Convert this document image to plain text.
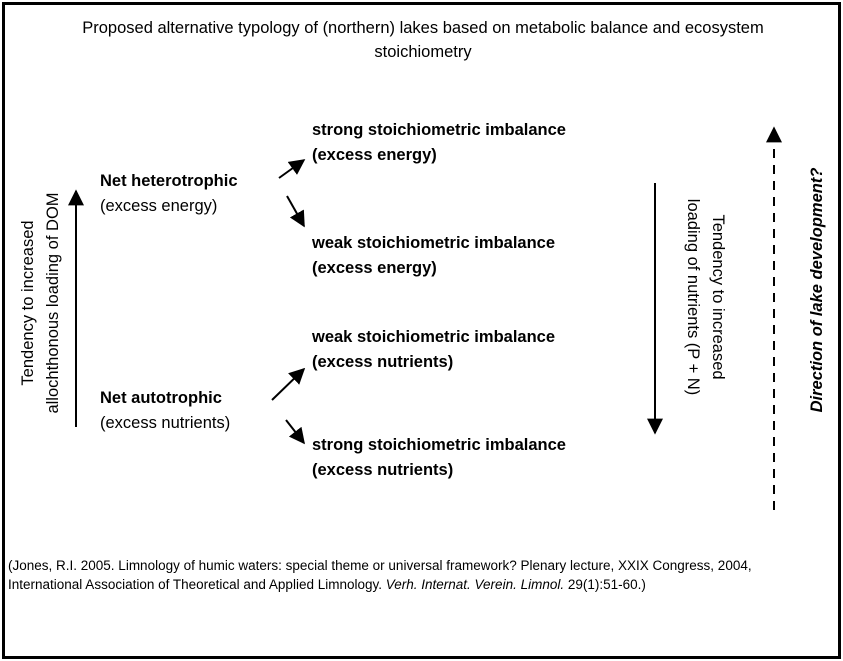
Proposed alternative typology of (northern) lakes based on metabolic balance and ecosystem
stoichiometry
Tendency to increased allochthonous loading of DOM
Net heterotrophic
(excess energy)
Net autotrophic
(excess nutrients)
strong stoichiometric imbalance
(excess energy)
weak stoichiometric imbalance
(excess energy)
weak stoichiometric imbalance
(excess nutrients)
strong stoichiometric imbalance
(excess nutrients)
Tendency to increased
loading of nutrients (P + N)	Direction of lake development?
(Jones, R.I. 2005. Limnology of humic waters: special theme or universal framework? Plenary lecture, XXIX Congress, 2004, International Association of Theoretical and Applied Limnology. Verh. Internat. Verein. Limnol. 29(1):51-60.)
